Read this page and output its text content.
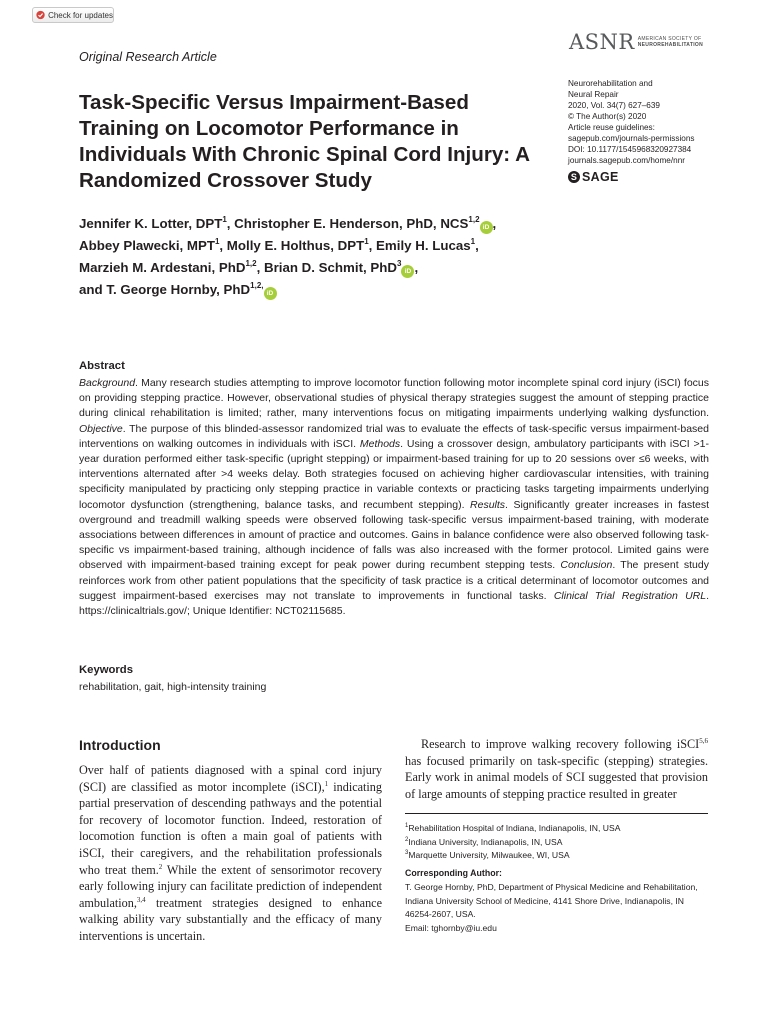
Check for updates
Original Research Article
ASNR AMERICAN SOCIETY OF
NEUROREHABILITATION
Task-Specific Versus Impairment-Based Training on Locomotor Performance in Individuals With Chronic Spinal Cord Injury: A Randomized Crossover Study
Neurorehabilitation and
Neural Repair
2020, Vol. 34(7) 627–639
© The Author(s) 2020
Article reuse guidelines:
sagepub.com/journals-permissions
DOI: 10.1177/1545968320927384
journals.sagepub.com/home/nnr
S SAGE
Jennifer K. Lotter, DPT$^1$, Christopher E. Henderson, PhD, NCS$^{1,2}$iD ,
Abbey Plawecki, MPT$^1$, Molly E. Holthus, DPT$^1$, Emily H. Lucas$^1$,
Marzieh M. Ardestani, PhD$^{1,2}$, Brian D. Schmit, PhD$^3$iD ,
and T. George Hornby, PhD$^{1,2,}$iD
Abstract
Background. Many research studies attempting to improve locomotor function following motor incomplete spinal cord injury (iSCI) focus on providing stepping practice. However, observational studies of physical therapy strategies suggest the amount of stepping practice during clinical rehabilitation is limited; rather, many interventions focus on mitigating impairments underlying walking dysfunction. Objective. The purpose of this blinded-assessor randomized trial was to evaluate the effects of task-specific versus impairment-based interventions on walking outcomes in individuals with iSCI. Methods. Using a crossover design, ambulatory participants with iSCI >1-year duration performed either task-specific (upright stepping) or impairment-based training for up to 20 sessions over ≤6 weeks, with interventions alternated after >4 weeks delay. Both strategies focused on achieving higher cardiovascular intensities, with training specificity manipulated by practicing only stepping practice in variable contexts or practicing tasks targeting impairments underlying locomotor dysfunction (strengthening, balance tasks, and recumbent stepping). Results. Significantly greater increases in fastest overground and treadmill walking speeds were observed following task-specific versus impairment-based training, with moderate associations between differences in amount of practice and outcomes. Gains in balance confidence were also observed following task-specific vs impairment-based training, although incidence of falls was also increased with the former protocol. Limited gains were observed with impairment-based training except for peak power during recumbent stepping tests. Conclusion. The present study reinforces work from other patient populations that the specificity of task practice is a critical determinant of locomotor outcomes and suggest impairment-based exercises may not translate to improvements in functional tasks. Clinical Trial Registration URL. https://clinicaltrials.gov/; Unique Identifier: NCT02115685.
Keywords
rehabilitation, gait, high-intensity training
Introduction

Over half of patients diagnosed with a spinal cord injury (SCI) are classified as motor incomplete (iSCI),$^1$ indicating partial preservation of descending pathways and the potential for recovery of locomotor function. Indeed, restoration of locomotion function is often a main goal of patients with iSCI, their caregivers, and the rehabilitation professionals who treat them.$^2$ While the extent of sensorimotor recovery early following injury can facilitate prediction of independent ambulation,$^{3,4}$ treatment strategies designed to enhance walking ability vary substantially and the efficacy of many interventions is uncertain.

Research to improve walking recovery following iSCI$^{5,6}$ has focused primarily on task-specific (stepping) strategies. Early work in animal models of SCI suggested that provision of large amounts of stepping practice resulted in greater

$^1$Rehabilitation Hospital of Indiana, Indianapolis, IN, USA
$^2$Indiana University, Indianapolis, IN, USA
$^3$Marquette University, Milwaukee, WI, USA
Corresponding Author:
T. George Hornby, PhD, Department of Physical Medicine and Rehabilitation, Indiana University School of Medicine, 4141 Shore Drive, Indianapolis, IN 46254-2607, USA.
Email: tghornby@iu.edu
